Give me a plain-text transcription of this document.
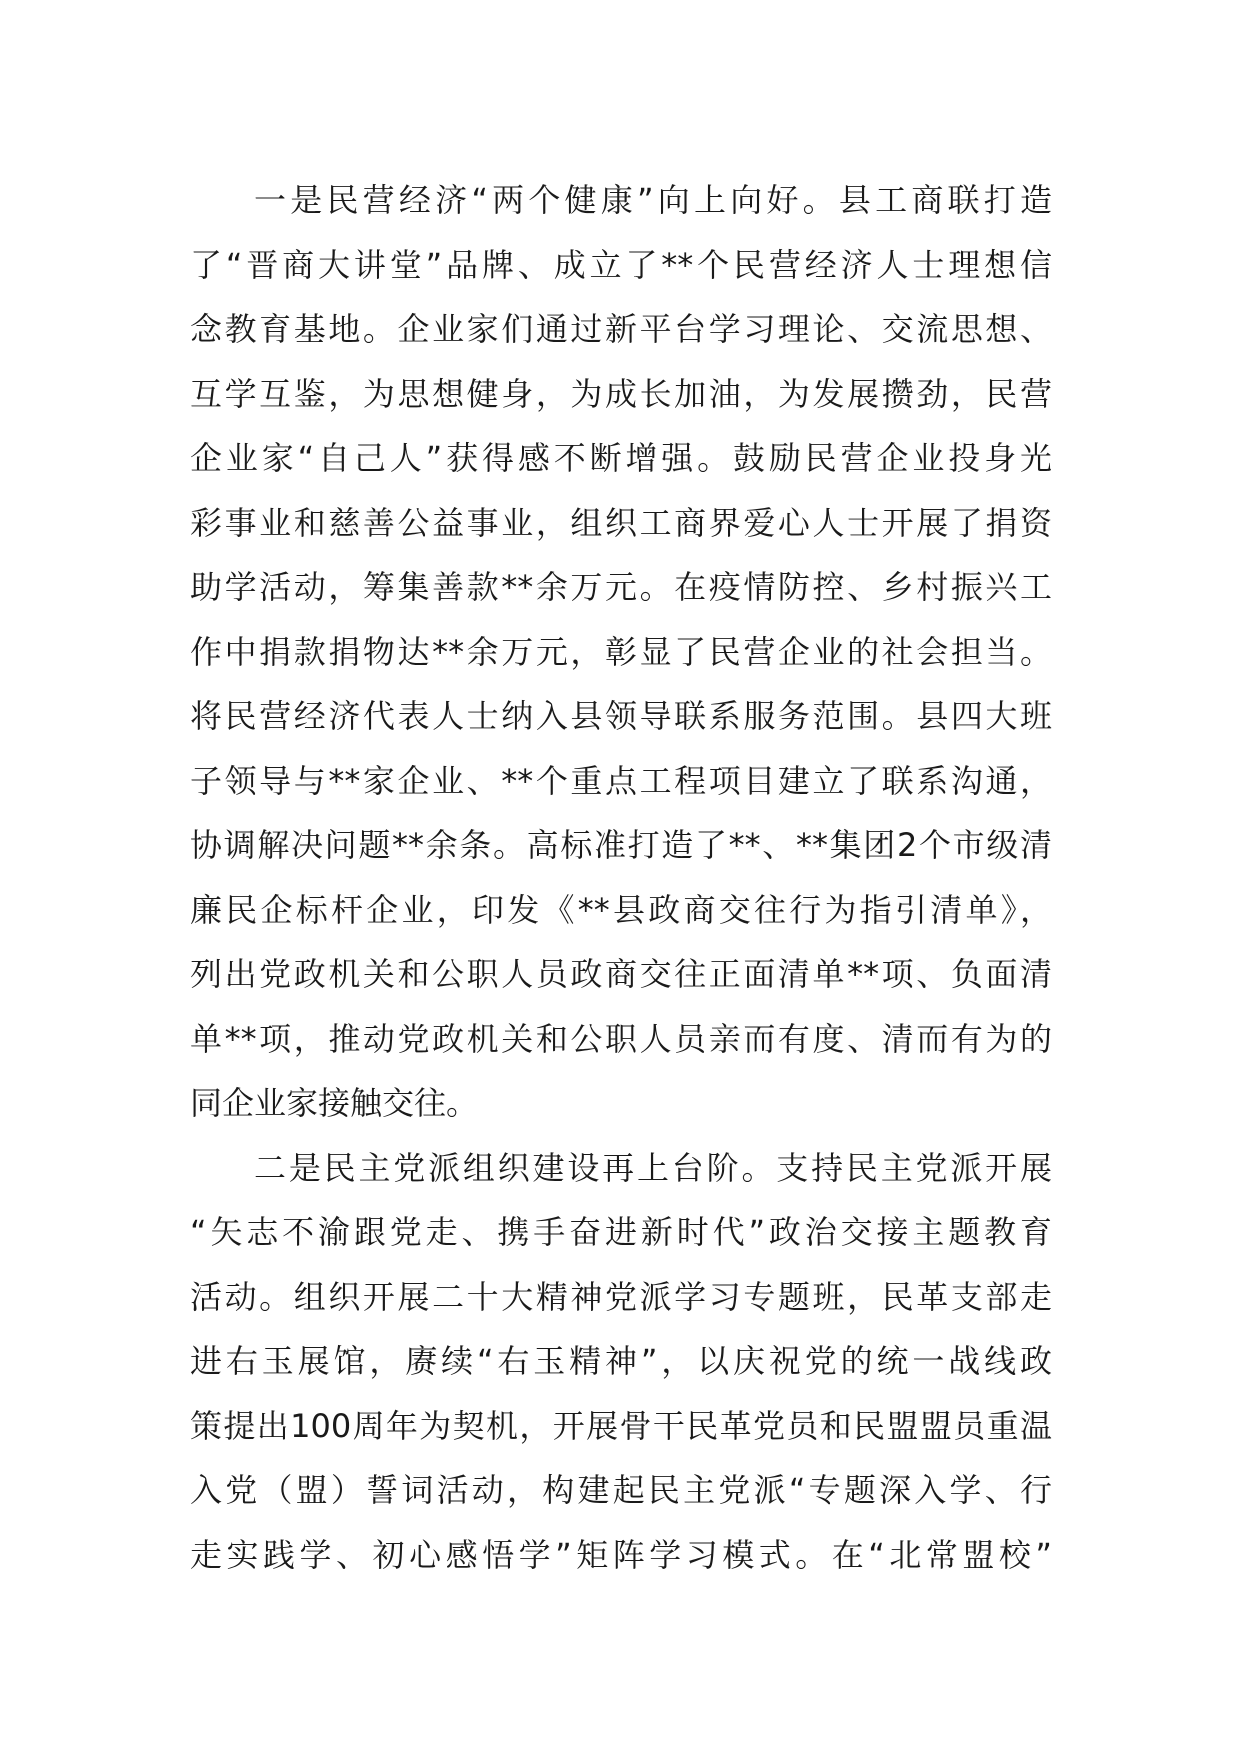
一是民营经济“两个健康”向上向好。县工商联打造
了“晋商大讲堂”品牌、成立了**个民营经济人士理想信
念教育基地。企业家们通过新平台学习理论、交流思想、
互学互鉴，为思想健身，为成长加油，为发展攒劲，民营
企业家“自己人”获得感不断增强。鼓励民营企业投身光
彩事业和慈善公益事业，组织工商界爱心人士开展了捐资
助学活动，筹集善款**余万元。在疫情防控、乡村振兴工
作中捐款捐物达**余万元，彰显了民营企业的社会担当。
将民营经济代表人士纳入县领导联系服务范围。县四大班
子领导与**家企业、**个重点工程项目建立了联系沟通，
协调解决问题**余条。高标准打造了**、**集团2个市级清
廉民企标杆企业，印发《**县政商交往行为指引清单》，
列出党政机关和公职人员政商交往正面清单**项、负面清
单**项，推动党政机关和公职人员亲而有度、清而有为的
同企业家接触交往。
二是民主党派组织建设再上台阶。支持民主党派开展
“矢志不渝跟党走、携手奋进新时代”政治交接主题教育
活动。组织开展二十大精神党派学习专题班，民革支部走
进右玉展馆，赓续“右玉精神”，以庆祝党的统一战线政
策提出100周年为契机，开展骨干民革党员和民盟盟员重温
入党（盟）誓词活动，构建起民主党派“专题深入学、行
走实践学、初心感悟学”矩阵学习模式。在“北常盟校”
